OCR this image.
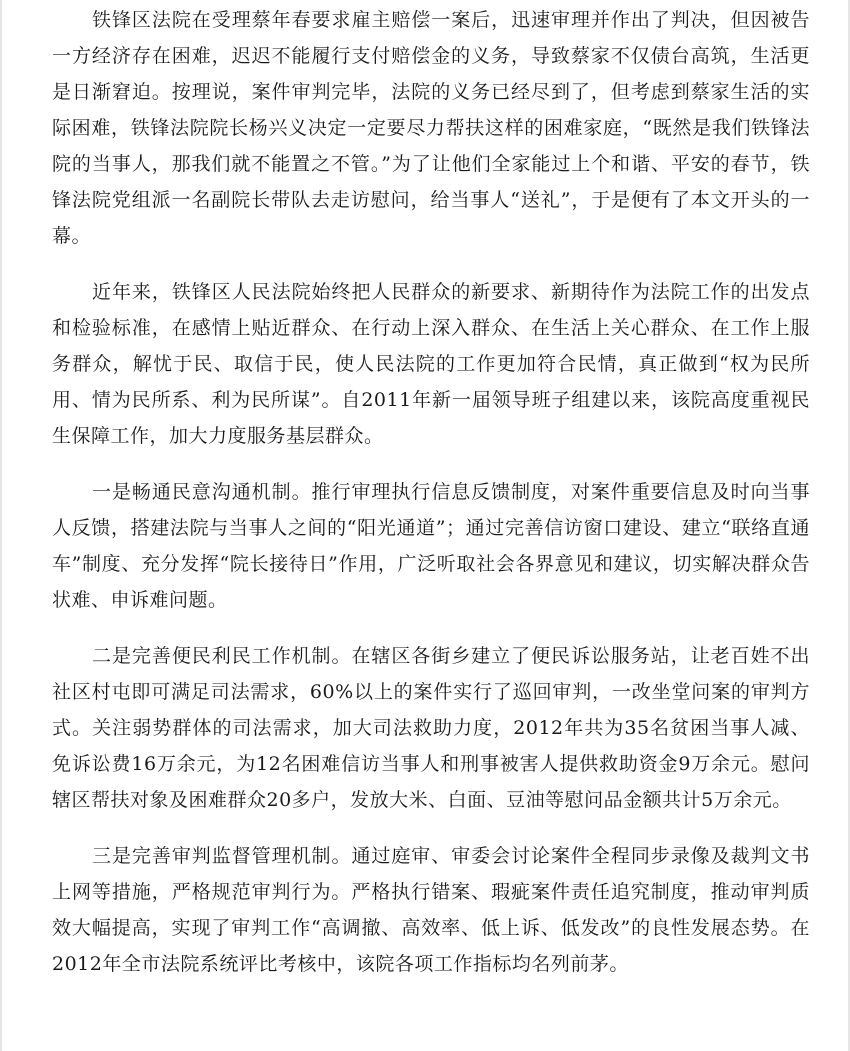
铁锋区法院在受理蔡年春要求雇主赔偿一案后，迅速审理并作出了判决，但因被告一方经济存在困难，迟迟不能履行支付赔偿金的义务，导致蔡家不仅债台高筑，生活更是日渐窘迫。按理说，案件审判完毕，法院的义务已经尽到了，但考虑到蔡家生活的实际困难，铁锋法院院长杨兴义决定一定要尽力帮扶这样的困难家庭，“既然是我们铁锋法院的当事人，那我们就不能置之不管。”为了让他们全家能过上个和谐、平安的春节，铁锋法院党组派一名副院长带队去走访慰问，给当事人“送礼”，于是便有了本文开头的一幕。

近年来，铁锋区人民法院始终把人民群众的新要求、新期待作为法院工作的出发点和检验标准，在感情上贴近群众、在行动上深入群众、在生活上关心群众、在工作上服务群众，解忧于民、取信于民，使人民法院的工作更加符合民情，真正做到“权为民所用、情为民所系、利为民所谋”。自2011年新一届领导班子组建以来，该院高度重视民生保障工作，加大力度服务基层群众。

一是畅通民意沟通机制。推行审理执行信息反馈制度，对案件重要信息及时向当事人反馈，搭建法院与当事人之间的“阳光通道”；通过完善信访窗口建设、建立“联络直通车”制度、充分发挥“院长接待日”作用，广泛听取社会各界意见和建议，切实解决群众告状难、申诉难问题。

二是完善便民利民工作机制。在辖区各街乡建立了便民诉讼服务站，让老百姓不出社区村屯即可满足司法需求，60%以上的案件实行了巡回审判，一改坐堂问案的审判方式。关注弱势群体的司法需求，加大司法救助力度，2012年共为35名贫困当事人减、免诉讼费16万余元，为12名困难信访当事人和刑事被害人提供救助资金9万余元。慰问辖区帮扶对象及困难群众20多户，发放大米、白面、豆油等慰问品金额共计5万余元。

三是完善审判监督管理机制。通过庭审、审委会讨论案件全程同步录像及裁判文书上网等措施，严格规范审判行为。严格执行错案、瑕疵案件责任追究制度，推动审判质效大幅提高，实现了审判工作“高调撤、高效率、低上诉、低发改”的良性发展态势。在2012年全市法院系统评比考核中，该院各项工作指标均名列前茅。
